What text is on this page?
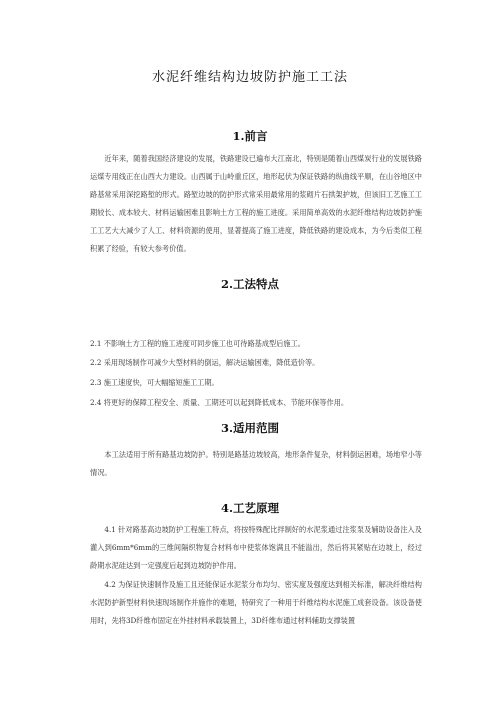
水泥纤维结构边坡防护施工工法
1.前言

近年来，随着我国经济建设的发展，铁路建设已遍布大江南北，特别是随着山西煤炭行业的发展铁路运煤专用线正在山西大力建设。山西属于山岭重丘区，地形起伏为保证铁路的纵曲线平顺，在山谷地区中路基常采用深挖路堑的形式。路堑边坡的防护形式常采用最常用的浆砌片石拱架护坡，但该旧工艺施工工期较长、成本较大、材料运输困难且影响土方工程的施工进度。采用简单高效的水泥纤维结构边坡防护施工工艺大大减少了人工、材料资源的使用，显著提高了施工进度，降低铁路的建设成本，为今后类似工程积累了经验，有较大参考价值。

2.工法特点

2.1 不影响土方工程的施工进度可同步施工也可待路基成型后施工。

2.2 采用现场制作可减少大型材料的倒运，解决运输困难，降低造价等。

2.3 施工速度快，可大幅缩短施工工期。

2.4 将更好的保障工程安全、质量、工期还可以起到降低成本、节能环保等作用。

3.适用范围

本工法适用于所有路基边坡防护。特别是路基边坡较高，地形条件复杂，材料倒运困难，场地窄小等情况。

4.工艺原理

4.1 针对路基高边坡防护工程施工特点，将按特殊配比拌制好的水泥浆通过注浆泵及辅助设备注入及灌入到6mm*6mm的三维间隔织物复合材料布中使浆体饱满且不能溢出，然后将其紧贴在边坡上，经过龄期水泥硅达到一定强度后起到边坡防护作用。

4.2 为保证快速制作及施工且还能保证水泥浆分布均匀、密实度及强度达到相关标准，解决纤维结构水泥防护新型材料快速现场制作并施作的难题，特研究了一种用于纤维结构水泥施工成套设备。该设备使用时，先将3D纤维布固定在外挂材料承载装置上，3D纤维布通过材料辅助支撑装置
